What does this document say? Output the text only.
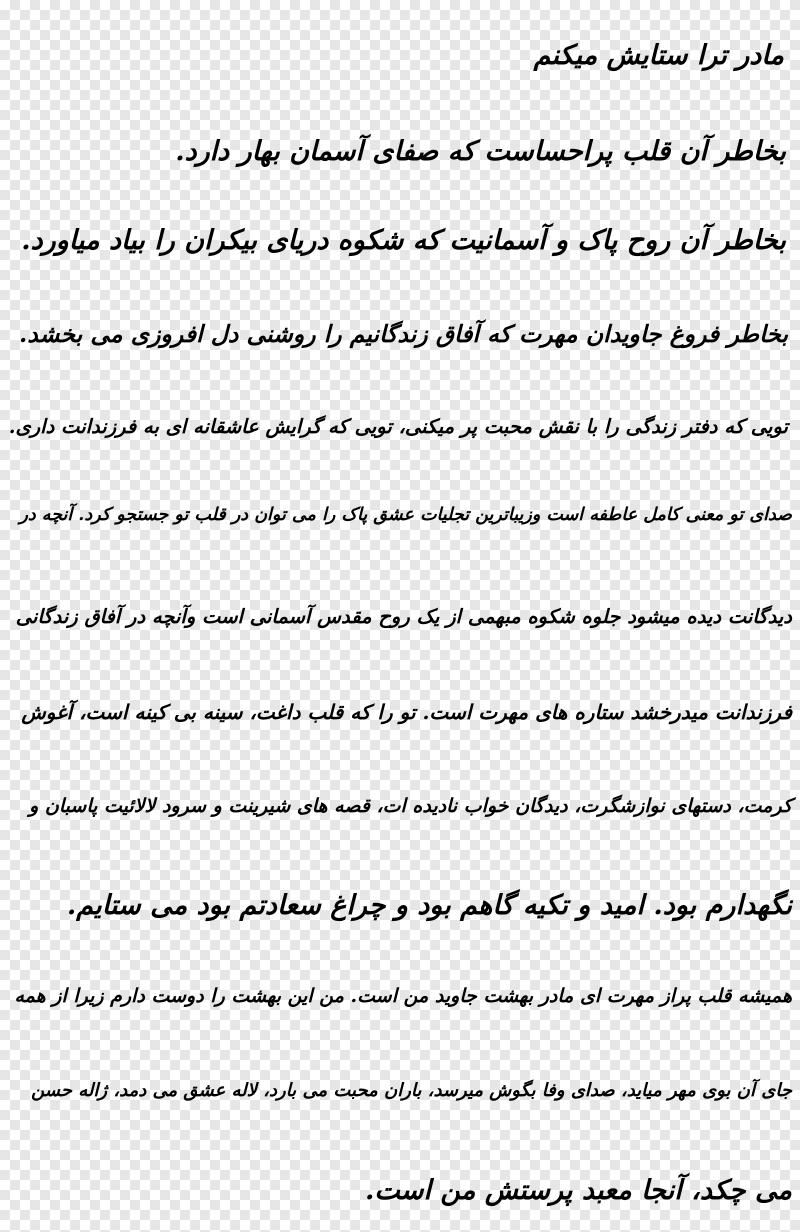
مادر ترا ستایش میکنم
بخاطر آن قلب پراحساست که صفای آسمان بهار دارد.
بخاطر آن روح پاک و آسمانیت که شکوه دریای بیکران را بیاد میاورد.
بخاطر فروغ جاویدان مهرت که آفاق زندگانیم را روشنی دل افروزی می بخشد.
تویی که دفتر زندگی را با نقش محبت پر میکنی، تویی که گرایش عاشقانه ای به فرزندانت داری.
صدای تو معنی کامل عاطفه است وزیباترین تجلیات عشق پاک را می توان در قلب تو جستجو کرد. آنچه در
دیدگانت دیده میشود جلوه شکوه مبهمی از یک روح مقدس آسمانی است وآنچه در آفاق زندگانی
فرزندانت میدرخشد ستاره های مهرت است. تو را که قلب داغت، سینه بی کینه است، آغوش
کرمت، دستهای نوازشگرت، دیدگان خواب نادیده ات، قصه های شیرینت و سرود لالائیت پاسبان و
نگهدارم بود. امید و تکیه گاهم بود و چراغ سعادتم بود می ستایم.
همیشه قلب پراز مهرت ای مادر بهشت جاوید من است. من این بهشت را دوست دارم زیرا از همه
جای آن بوی مهر میاید، صدای وفا بگوش میرسد، باران محبت می بارد، لاله عشق می دمد، ژاله حسن
می چکد، آنجا معبد پرستش من است.
